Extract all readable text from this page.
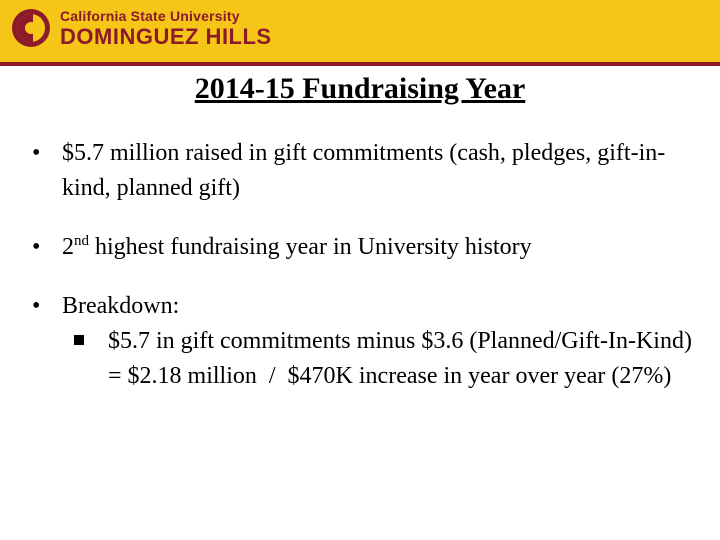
California State University
DOMINGUEZ HILLS
2014-15 Fundraising Year
• $5.7 million raised in gift commitments (cash, pledges, gift-in-kind, planned gift)
• 2nd highest fundraising year in University history
• Breakdown:
$5.7 in gift commitments minus $3.6 (Planned/Gift-In-Kind) = $2.18 million  /  $470K increase in year over year (27%)
